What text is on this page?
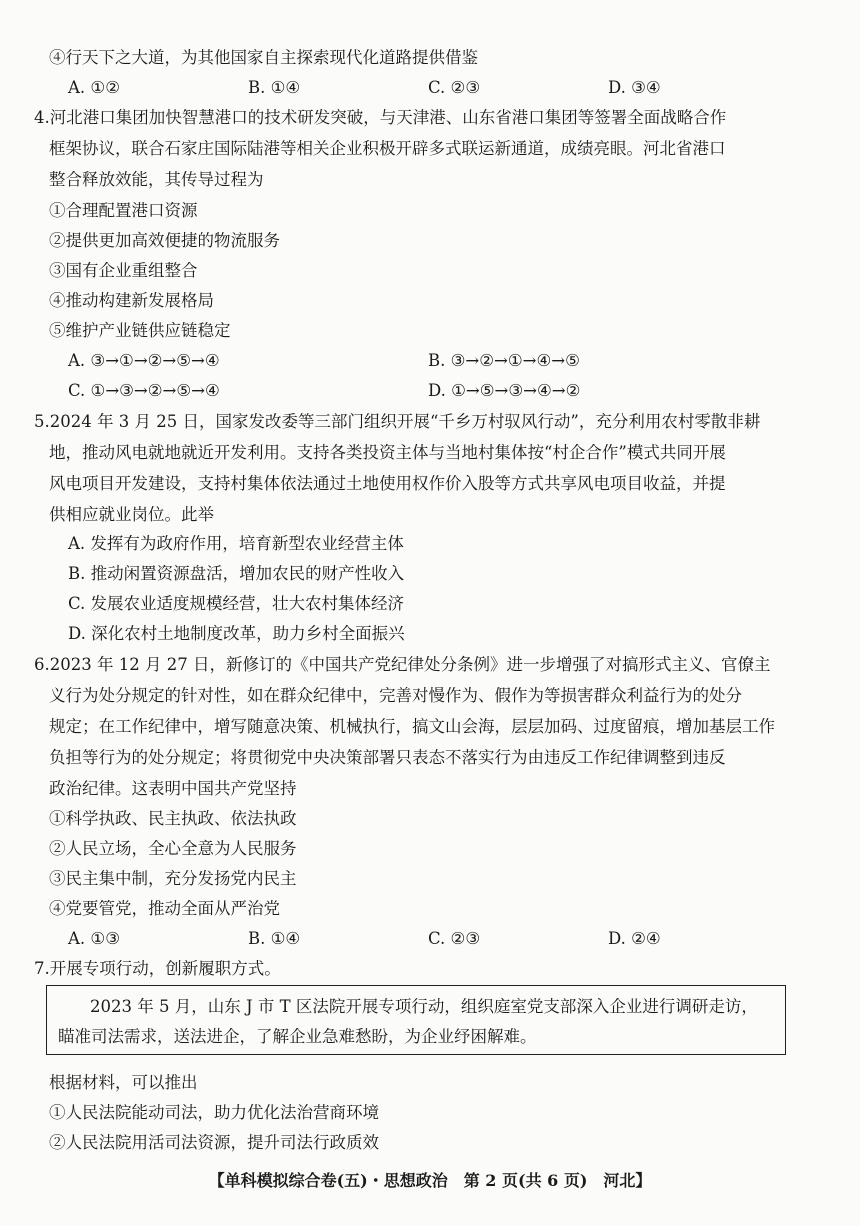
④行天下之大道，为其他国家自主探索现代化道路提供借鉴
A. ①②	B. ①④	C. ②③	D. ③④
4.河北港口集团加快智慧港口的技术研发突破，与天津港、山东省港口集团等签署全面战略合作
框架协议，联合石家庄国际陆港等相关企业积极开辟多式联运新通道，成绩亮眼。河北省港口
整合释放效能，其传导过程为
①合理配置港口资源
②提供更加高效便捷的物流服务
③国有企业重组整合
④推动构建新发展格局
⑤维护产业链供应链稳定
A. ③→①→②→⑤→④	B. ③→②→①→④→⑤
C. ①→③→②→⑤→④	D. ①→⑤→③→④→②
5.2024 年 3 月 25 日，国家发改委等三部门组织开展“千乡万村驭风行动”，充分利用农村零散非耕
地，推动风电就地就近开发利用。支持各类投资主体与当地村集体按“村企合作”模式共同开展
风电项目开发建设，支持村集体依法通过土地使用权作价入股等方式共享风电项目收益，并提
供相应就业岗位。此举
A. 发挥有为政府作用，培育新型农业经营主体
B. 推动闲置资源盘活，增加农民的财产性收入
C. 发展农业适度规模经营，壮大农村集体经济
D. 深化农村土地制度改革，助力乡村全面振兴
6.2023 年 12 月 27 日，新修订的《中国共产党纪律处分条例》进一步增强了对搞形式主义、官僚主
义行为处分规定的针对性，如在群众纪律中，完善对慢作为、假作为等损害群众利益行为的处分
规定；在工作纪律中，增写随意决策、机械执行，搞文山会海，层层加码、过度留痕，增加基层工作
负担等行为的处分规定；将贯彻党中央决策部署只表态不落实行为由违反工作纪律调整到违反
政治纪律。这表明中国共产党坚持
①科学执政、民主执政、依法执政
②人民立场，全心全意为人民服务
③民主集中制，充分发扬党内民主
④党要管党，推动全面从严治党
A. ①③	B. ①④	C. ②③	D. ②④
7.开展专项行动，创新履职方式。
2023 年 5 月，山东 J 市 T 区法院开展专项行动，组织庭室党支部深入企业进行调研走访，
瞄准司法需求，送法进企，了解企业急难愁盼，为企业纾困解难。
根据材料，可以推出
①人民法院能动司法，助力优化法治营商环境
②人民法院用活司法资源，提升司法行政质效
【单科模拟综合卷(五)・思想政治　第 2 页(共 6 页)　河北】
